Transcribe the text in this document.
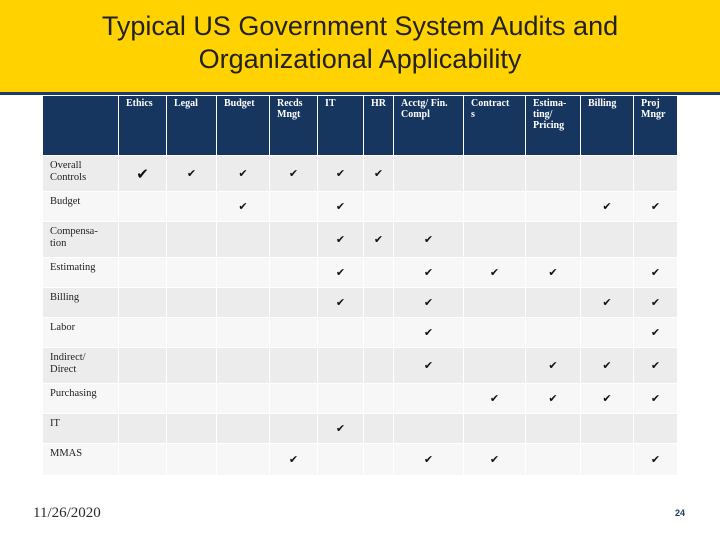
Typical US Government System Audits and
Organizational Applicability
	Ethics	Legal	Budget	Recds
Mngt	IT	HR	Acctg/ Fin.
Compl	Contract
s	Estima-
ting/
Pricing	Billing	Proj
Mngr
Overall
Controls	✔	✔	✔	✔	✔	✔					
Budget			✔		✔					✔	✔
Compensa-
tion					✔	✔	✔				
Estimating					✔		✔	✔	✔		✔
Billing					✔		✔			✔	✔
Labor							✔				✔
Indirect/
Direct							✔		✔	✔	✔
Purchasing								✔	✔	✔	✔
IT					✔						
MMAS				✔			✔	✔			✔
11/26/2020	24
